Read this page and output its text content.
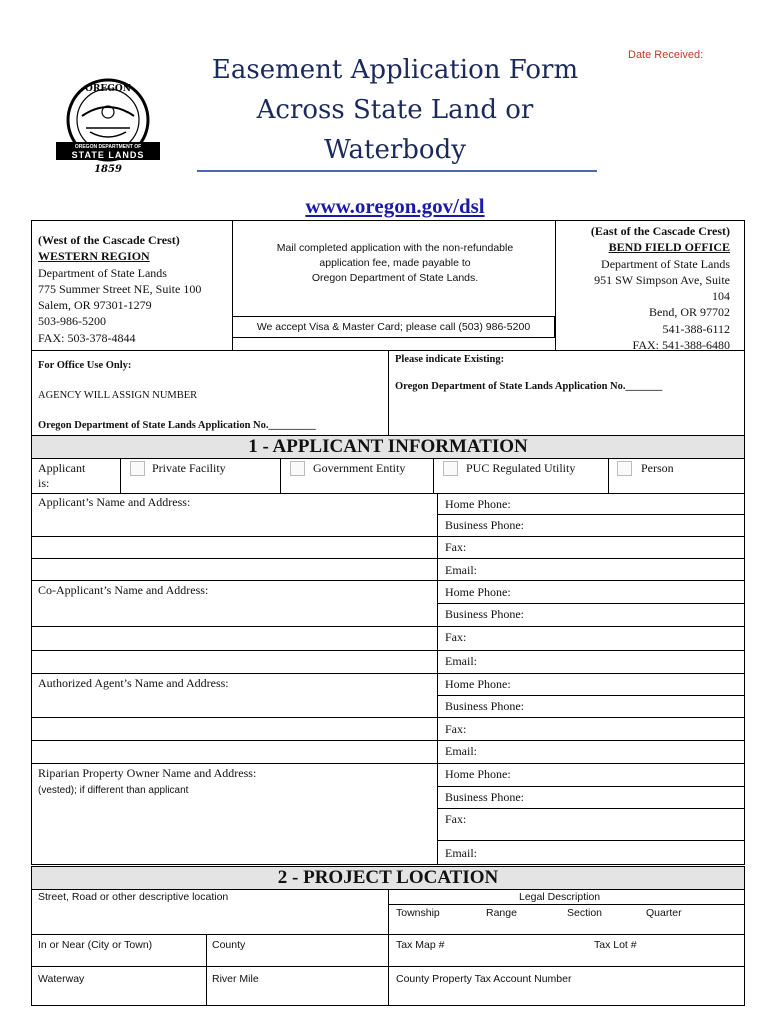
OREGON
OREGON DEPARTMENT OF
STATE LANDS
1859
Easement Application Form
Across State Land or
Waterbody
Date Received:
www.oregon.gov/dsl
(West of the Cascade Crest)
WESTERN REGION
Department of State Lands
775 Summer Street NE, Suite 100
Salem, OR 97301-1279
503-986-5200
FAX: 503-378-4844
Mail completed application with the non-refundable
application fee, made payable to
Oregon Department of State Lands.
We accept Visa & Master Card; please call (503) 986-5200
(East of the Cascade Crest)
BEND FIELD OFFICE
Department of State Lands
951 SW Simpson Ave, Suite
104
Bend, OR 97702
541-388-6112
FAX: 541-388-6480
For Office Use Only:
AGENCY WILL ASSIGN NUMBER
Oregon Department of State Lands Application No._________
Please indicate Existing:
Oregon Department of State Lands Application No._______
1 - APPLICANT INFORMATION
Applicant
is:
Private Facility	Government Entity	PUC Regulated Utility	Person
Applicant’s Name and Address:	Home Phone:
Business Phone:
Fax:
Email:
Co-Applicant’s Name and Address:	Home Phone:
Business Phone:
Fax:
Email:
Authorized Agent’s Name and Address:	Home Phone:
Business Phone:
Fax:
Email:
Riparian Property Owner Name and Address:
(vested); if different than applicant
Home Phone:
Business Phone:
Fax:
Email:
2 - PROJECT LOCATION
Street, Road or other descriptive location	Legal Description
Township	Range	Section	Quarter
In or Near (City or Town)	County	Tax Map #	Tax Lot #
Waterway	River Mile	County Property Tax Account Number
